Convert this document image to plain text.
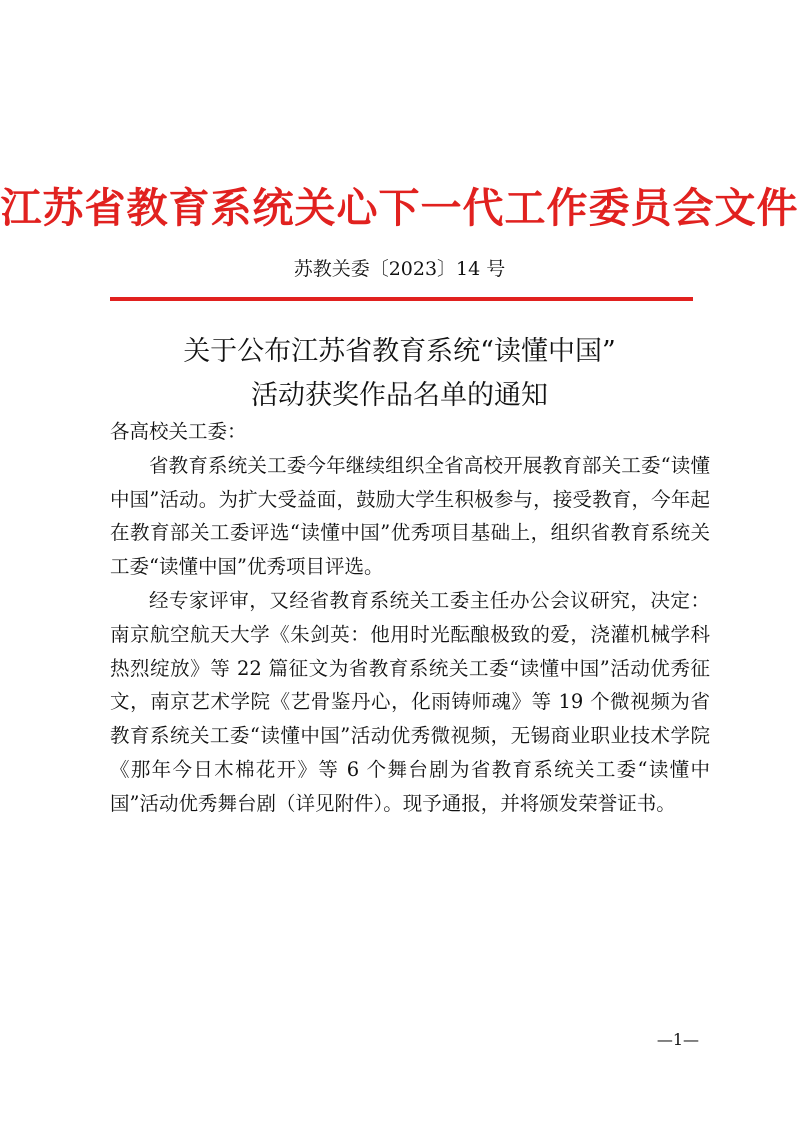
江苏省教育系统关心下一代工作委员会文件
苏教关委〔2023〕14 号
关于公布江苏省教育系统“读懂中国”
活动获奖作品名单的通知

各高校关工委：

省教育系统关工委今年继续组织全省高校开展教育部关工委“读懂中国”活动。为扩大受益面，鼓励大学生积极参与，接受教育，今年起在教育部关工委评选“读懂中国”优秀项目基础上，组织省教育系统关工委“读懂中国”优秀项目评选。

经专家评审，又经省教育系统关工委主任办公会议研究，决定：南京航空航天大学《朱剑英：他用时光酝酿极致的爱，浇灌机械学科热烈绽放》等 22 篇征文为省教育系统关工委“读懂中国”活动优秀征文，南京艺术学院《艺骨鉴丹心，化雨铸师魂》等 19 个微视频为省教育系统关工委“读懂中国”活动优秀微视频，无锡商业职业技术学院《那年今日木棉花开》等 6 个舞台剧为省教育系统关工委“读懂中国”活动优秀舞台剧（详见附件）。现予通报，并将颁发荣誉证书。

—1—
